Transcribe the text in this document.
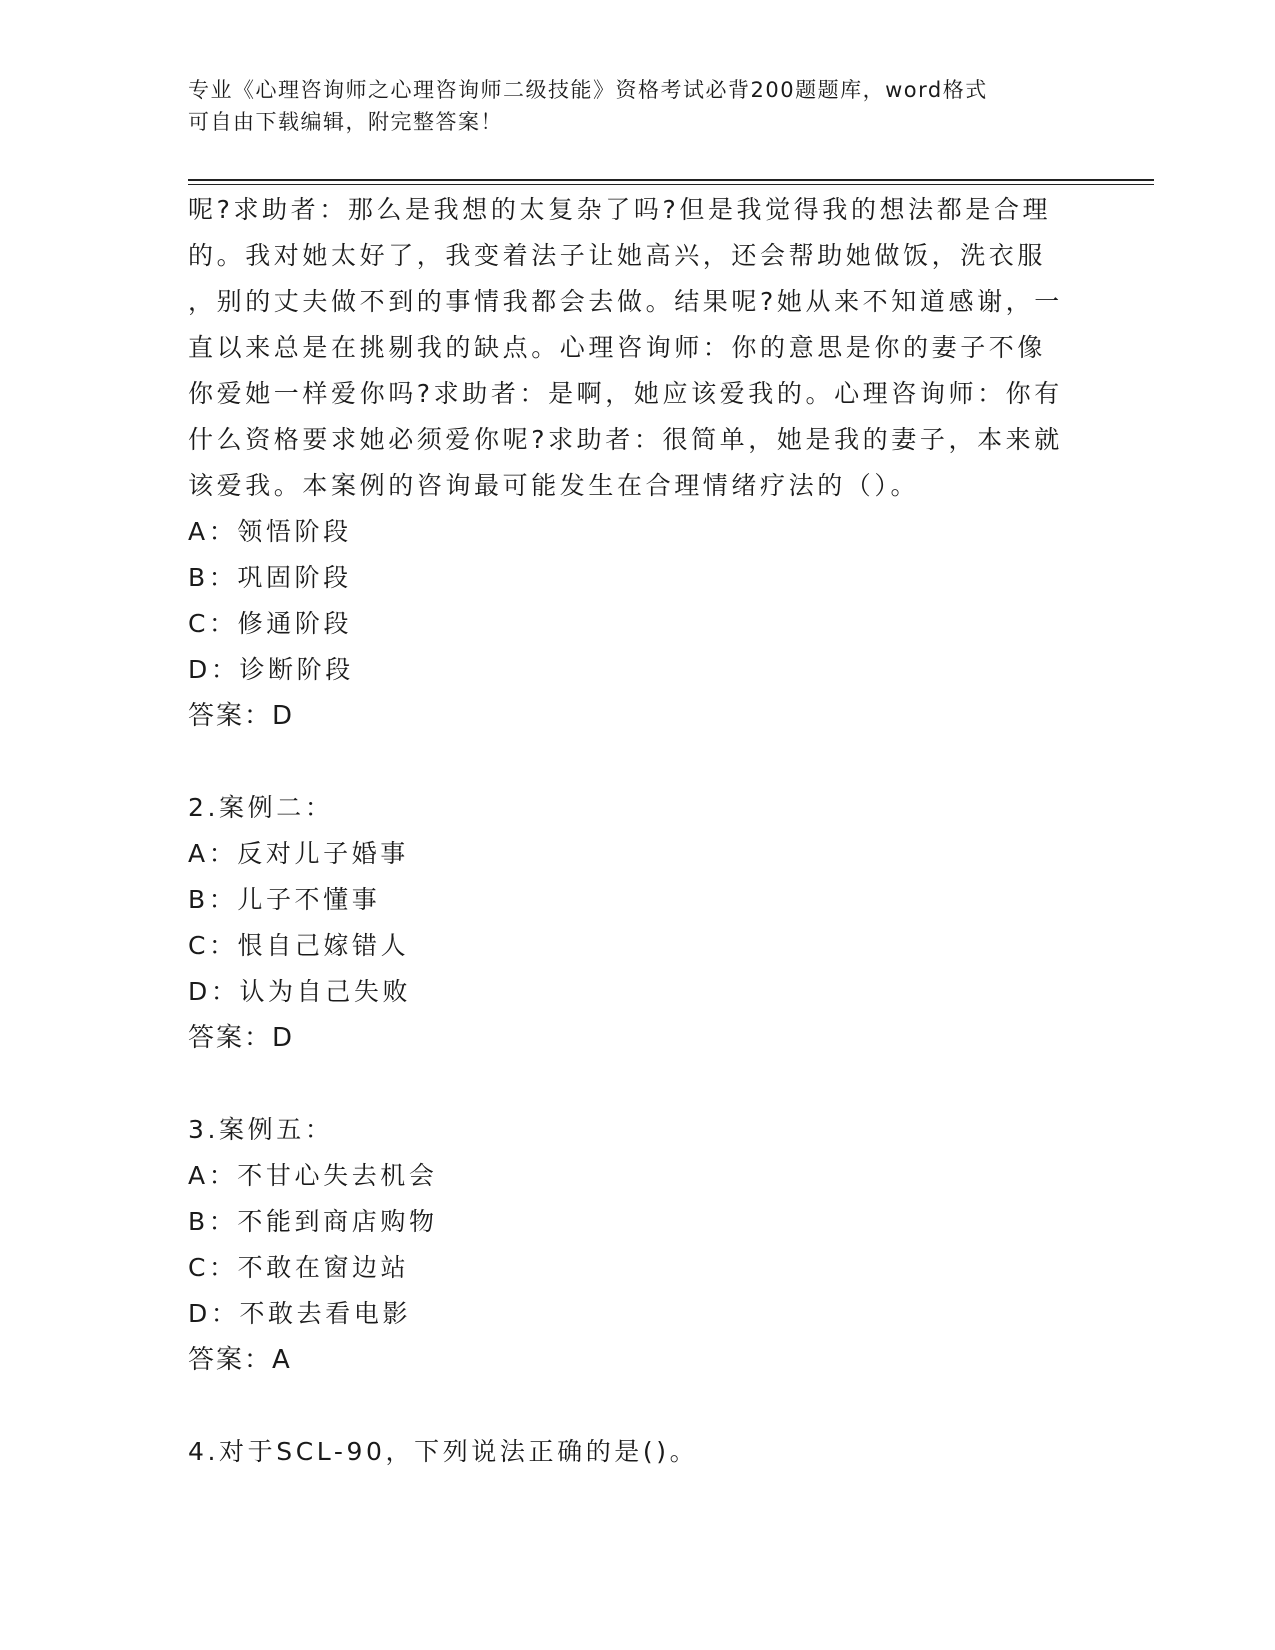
专业《心理咨询师之心理咨询师二级技能》资格考试必背200题题库，word格式
可自由下载编辑，附完整答案！
呢?求助者：那么是我想的太复杂了吗?但是我觉得我的想法都是合理
的。我对她太好了，我变着法子让她高兴，还会帮助她做饭，洗衣服
，别的丈夫做不到的事情我都会去做。结果呢?她从来不知道感谢，一
直以来总是在挑剔我的缺点。心理咨询师：你的意思是你的妻子不像
你爱她一样爱你吗?求助者：是啊，她应该爱我的。心理咨询师：你有
什么资格要求她必须爱你呢?求助者：很简单，她是我的妻子，本来就
该爱我。本案例的咨询最可能发生在合理情绪疗法的（）。
A：领悟阶段
B：巩固阶段
C：修通阶段
D：诊断阶段
答案：D
2.案例二：
A：反对儿子婚事
B：儿子不懂事
C：恨自己嫁错人
D：认为自己失败
答案：D
3.案例五：
A：不甘心失去机会
B：不能到商店购物
C：不敢在窗边站
D：不敢去看电影
答案：A
4.对于SCL-90，下列说法正确的是()。
